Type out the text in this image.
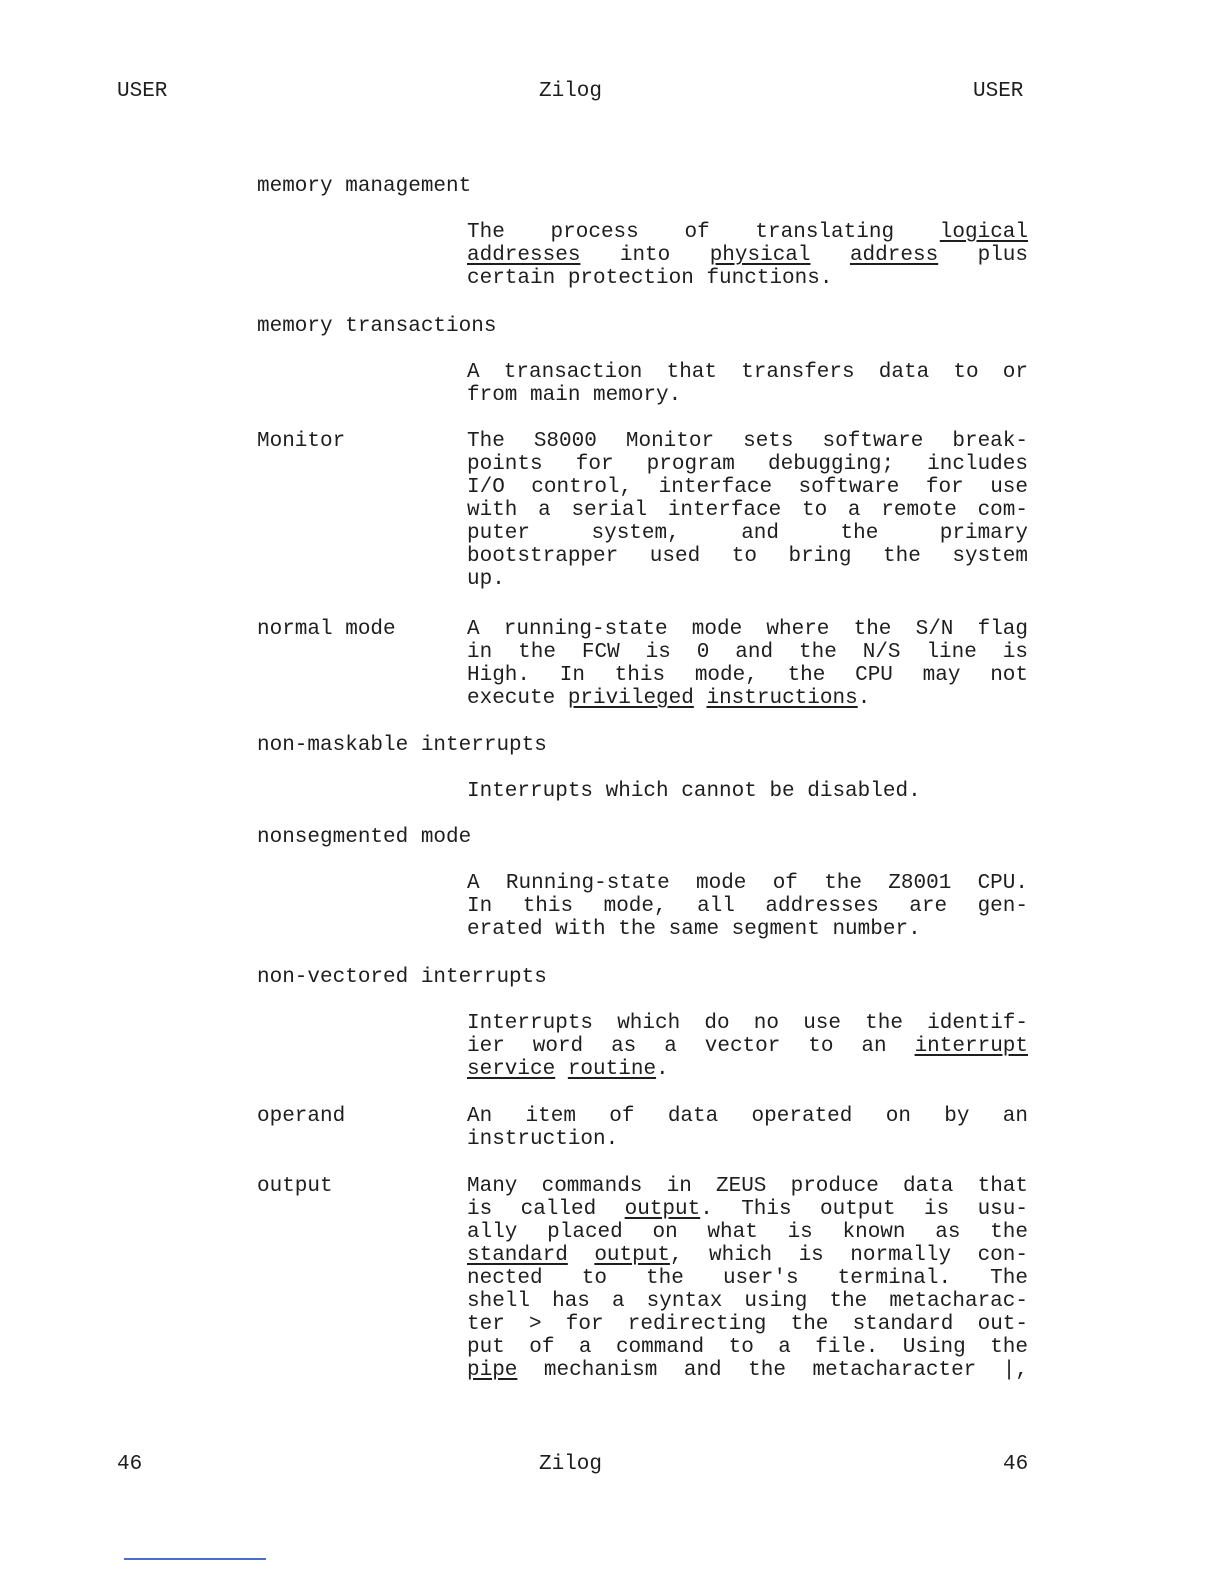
USER	Zilog	USER
memory management
The process of translating logical
addresses into physical address plus
certain protection functions.
memory transactions
A transaction that transfers data to or
from main memory.
Monitor	The S8000 Monitor sets software break-
points for program debugging; includes
I/O control, interface software for use
with a serial interface to a remote com-
puter system, and the primary
bootstrapper used to bring the system
up.
normal mode	A running-state mode where the S/N flag
in the FCW is 0 and the N/S line is
High. In this mode, the CPU may not
execute privileged instructions.
non-maskable interrupts
Interrupts which cannot be disabled.
nonsegmented mode
A Running-state mode of the Z8001 CPU.
In this mode, all addresses are gen-
erated with the same segment number.
non-vectored interrupts
Interrupts which do no use the identif-
ier word as a vector to an interrupt
service routine.
operand	An item of data operated on by an
instruction.
output	Many commands in ZEUS produce data that
is called output. This output is usu-
ally placed on what is known as the
standard output, which is normally con-
nected to the user's terminal. The
shell has a syntax using the metacharac-
ter > for redirecting the standard out-
put of a command to a file. Using the
pipe mechanism and the metacharacter |,
46	Zilog	46
